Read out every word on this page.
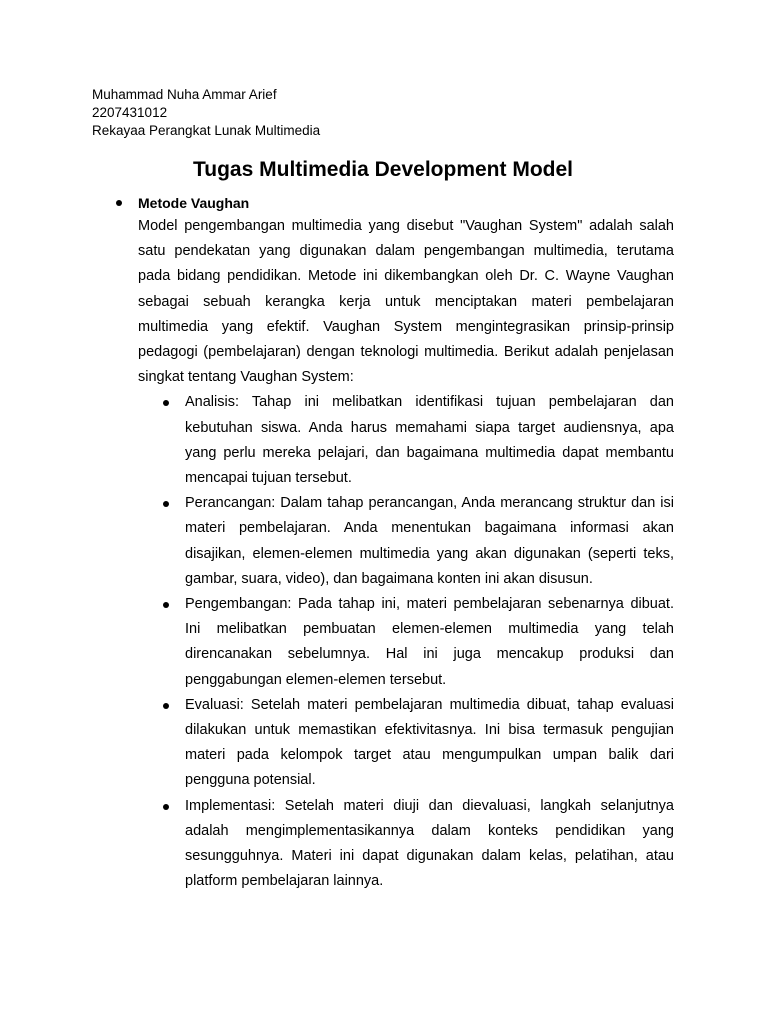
Muhammad Nuha Ammar Arief

2207431012

Rekayaa Perangkat Lunak Multimedia

Tugas Multimedia Development Model

Metode Vaughan

Model pengembangan multimedia yang disebut "Vaughan System" adalah salah satu pendekatan yang digunakan dalam pengembangan multimedia, terutama pada bidang pendidikan. Metode ini dikembangkan oleh Dr. C. Wayne Vaughan sebagai sebuah kerangka kerja untuk menciptakan materi pembelajaran multimedia yang efektif. Vaughan System mengintegrasikan prinsip-prinsip pedagogi (pembelajaran) dengan teknologi multimedia. Berikut adalah penjelasan singkat tentang Vaughan System:

Analisis: Tahap ini melibatkan identifikasi tujuan pembelajaran dan kebutuhan siswa. Anda harus memahami siapa target audiensnya, apa yang perlu mereka pelajari, dan bagaimana multimedia dapat membantu mencapai tujuan tersebut.

Perancangan: Dalam tahap perancangan, Anda merancang struktur dan isi materi pembelajaran. Anda menentukan bagaimana informasi akan disajikan, elemen-elemen multimedia yang akan digunakan (seperti teks, gambar, suara, video), dan bagaimana konten ini akan disusun.

Pengembangan: Pada tahap ini, materi pembelajaran sebenarnya dibuat. Ini melibatkan pembuatan elemen-elemen multimedia yang telah direncanakan sebelumnya. Hal ini juga mencakup produksi dan penggabungan elemen-elemen tersebut.

Evaluasi: Setelah materi pembelajaran multimedia dibuat, tahap evaluasi dilakukan untuk memastikan efektivitasnya. Ini bisa termasuk pengujian materi pada kelompok target atau mengumpulkan umpan balik dari pengguna potensial.

Implementasi: Setelah materi diuji dan dievaluasi, langkah selanjutnya adalah mengimplementasikannya dalam konteks pendidikan yang sesungguhnya. Materi ini dapat digunakan dalam kelas, pelatihan, atau platform pembelajaran lainnya.
